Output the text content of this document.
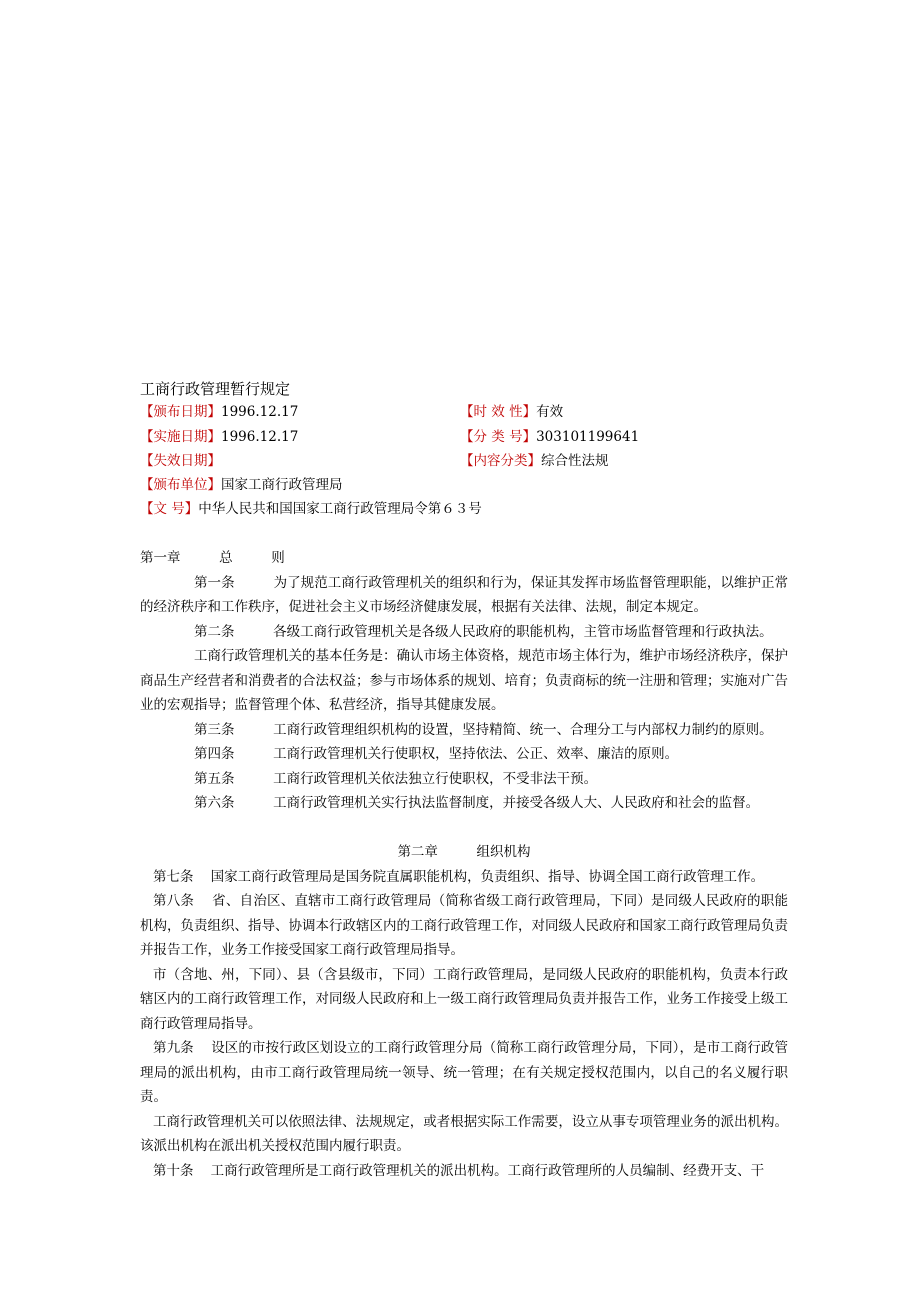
工商行政管理暂行规定
【颁布日期】1996.12.17	【时 效 性】有效
【实施日期】1996.12.17	【分 类 号】303101199641
【失效日期】	【内容分类】综合性法规
【颁布单位】国家工商行政管理局
【文 号】中华人民共和国国家工商行政管理局令第６３号

第一章         总         则

第一条         为了规范工商行政管理机关的组织和行为，保证其发挥市场监督管理职能，以维护正常的经济秩序和工作秩序，促进社会主义市场经济健康发展，根据有关法律、法规，制定本规定。

第二条         各级工商行政管理机关是各级人民政府的职能机构，主管市场监督管理和行政执法。

工商行政管理机关的基本任务是：确认市场主体资格，规范市场主体行为，维护市场经济秩序，保护商品生产经营者和消费者的合法权益；参与市场体系的规划、培育；负责商标的统一注册和管理；实施对广告业的宏观指导；监督管理个体、私营经济，指导其健康发展。

第三条         工商行政管理组织机构的设置，坚持精简、统一、合理分工与内部权力制约的原则。

第四条         工商行政管理机关行使职权，坚持依法、公正、效率、廉洁的原则。

第五条         工商行政管理机关依法独立行使职权，不受非法干预。

第六条         工商行政管理机关实行执法监督制度，并接受各级人大、人民政府和社会的监督。

第二章         组织机构

第七条    国家工商行政管理局是国务院直属职能机构，负责组织、指导、协调全国工商行政管理工作。

第八条    省、自治区、直辖市工商行政管理局（简称省级工商行政管理局，下同）是同级人民政府的职能机构，负责组织、指导、协调本行政辖区内的工商行政管理工作，对同级人民政府和国家工商行政管理局负责并报告工作，业务工作接受国家工商行政管理局指导。

市（含地、州，下同）、县（含县级市，下同）工商行政管理局，是同级人民政府的职能机构，负责本行政辖区内的工商行政管理工作，对同级人民政府和上一级工商行政管理局负责并报告工作，业务工作接受上级工商行政管理局指导。

第九条    设区的市按行政区划设立的工商行政管理分局（简称工商行政管理分局，下同），是市工商行政管理局的派出机构，由市工商行政管理局统一领导、统一管理；在有关规定授权范围内，以自己的名义履行职责。

工商行政管理机关可以依照法律、法规规定，或者根据实际工作需要，设立从事专项管理业务的派出机构。该派出机构在派出机关授权范围内履行职责。

第十条    工商行政管理所是工商行政管理机关的派出机构。工商行政管理所的人员编制、经费开支、干
